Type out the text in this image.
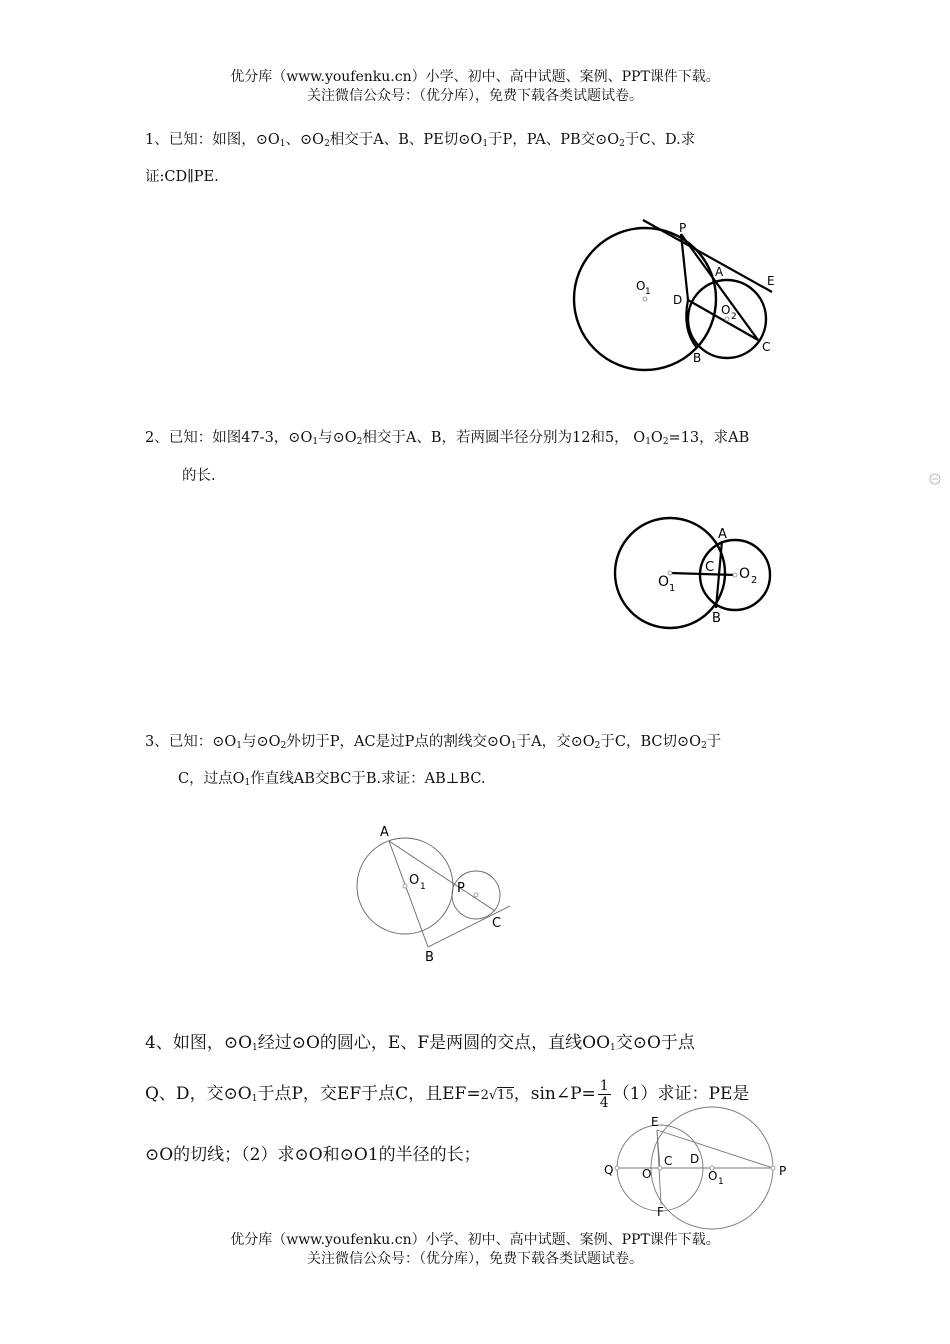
优分库（www.youfenku.cn）小学、初中、高中试题、案例、PPT课件下载。
关注微信公众号：（优分库），免费下载各类试题试卷。
1、已知：如图，$⊙O_1$、$⊙O_2$相交于A、B、PE切$⊙O_1$于P，PA、PB交$⊙O_2$于C、D.求
证:CD∥PE.
P
A
E
O 1
D
O 2
B
C
2、已知：如图47-3，$⊙O_1$与$⊙O_2$相交于A、B，若两圆半径分别为12和5， $O_1O_2=13$，求AB
的长.
A
C
O 1
O 2
B
3、已知：$⊙O_1$与$⊙O_2$外切于P，AC是过P点的割线交$⊙O_1$于A，交$⊙O_2$于C，BC切$⊙O_2$于
C，过点$O_1$作直线AB交BC于B.求证：AB⊥BC.
A
O 1 P
C
B
4、如图，$⊙O_1$经过⊙O的圆心，E、F是两圆的交点，直线$OO_1$交⊙O于点
Q、D，交$⊙O_1$于点P，交EF于点C，且EF=2√15，sin∠P= $\frac{1}{4} (1)$求证：PE是
⊙O的切线；（2）求⊙O和⊙O1的半径的长；
E
Q O
C D
O 1
P
F
优分库（www.youfenku.cn）小学、初中、高中试题、案例、PPT课件下载。
关注微信公众号：（优分库），免费下载各类试题试卷。
